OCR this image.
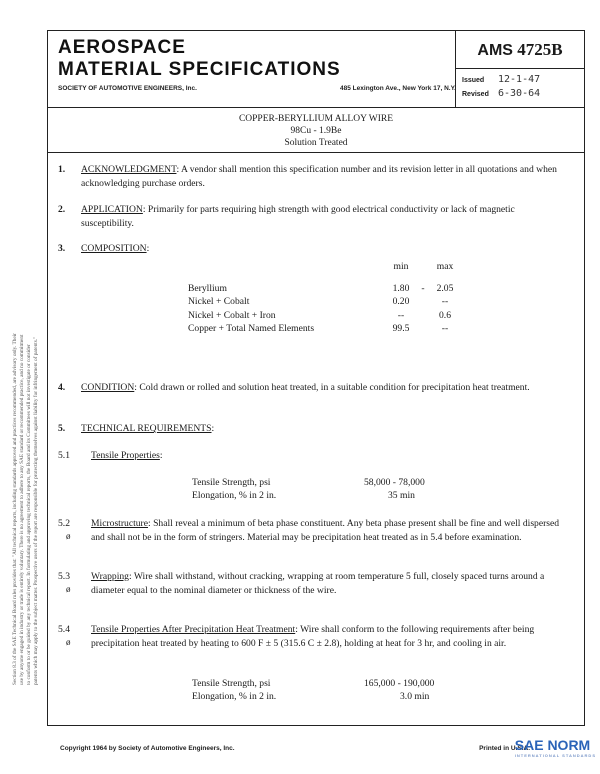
Section 8.3 of the SAE Technical Board rules provides that: "All technical reports, including standards approved and practices recommended, are advisory only. Their use by anyone engaged in industry or trade is entirely voluntary. There is no agreement to adhere to any SAE standard or recommended practice, and no commitment to conform to or be guided by any technical report. In formulating and approving technical reports, the Board and its Committees will not investigate or consider patents which may apply to the subject matter. Prospective users of the report are responsible for protecting themselves against liability for infringement of patents."

AEROSPACE
MATERIAL SPECIFICATIONS
SOCIETY OF AUTOMOTIVE ENGINEERS, Inc.	485 Lexington Ave., New York 17, N.Y.
AMS 4725B
Issued 12-1-47
Revised 6-30-64
COPPER-BERYLLIUM ALLOY WIRE
98Cu - 1.9Be
Solution Treated
1. ACKNOWLEDGMENT: A vendor shall mention this specification number and its revision letter in all quotations and when acknowledging purchase orders.
2. APPLICATION: Primarily for parts requiring high strength with good electrical conductivity or lack of magnetic susceptibility.
3. COMPOSITION:
	min		max

Beryllium	1.80	-	2.05
Nickel + Cobalt	0.20		--
Nickel + Cobalt + Iron	--		0.6
Copper + Total Named Elements	99.5		--
4. CONDITION: Cold drawn or rolled and solution heat treated, in a suitable condition for precipitation heat treatment.
5. TECHNICAL REQUIREMENTS:
5.1 Tensile Properties:
Tensile Strength, psi	58,000 - 78,000
Elongation, % in 2 in.	35 min
5.2
ø
Microstructure: Shall reveal a minimum of beta phase constituent. Any beta phase present shall be fine and well dispersed and shall not be in the form of stringers. Material may be precipitation heat treated as in 5.4 before examination.
5.3
ø
Wrapping: Wire shall withstand, without cracking, wrapping at room temperature 5 full, closely spaced turns around a diameter equal to the nominal diameter or thickness of the wire.
5.4
ø
Tensile Properties After Precipitation Heat Treatment: Wire shall conform to the following requirements after being precipitation heat treated by heating to 600 F ± 5 (315.6 C ± 2.8), holding at heat for 3 hr, and cooling in air.
Tensile Strength, psi	165,000 - 190,000
Elongation, % in 2 in.	3.0 min
Copyright 1964 by Society of Automotive Engineers, Inc.	Printed in U.S.A.
SAE NORM
INTERNATIONAL STANDARDS
